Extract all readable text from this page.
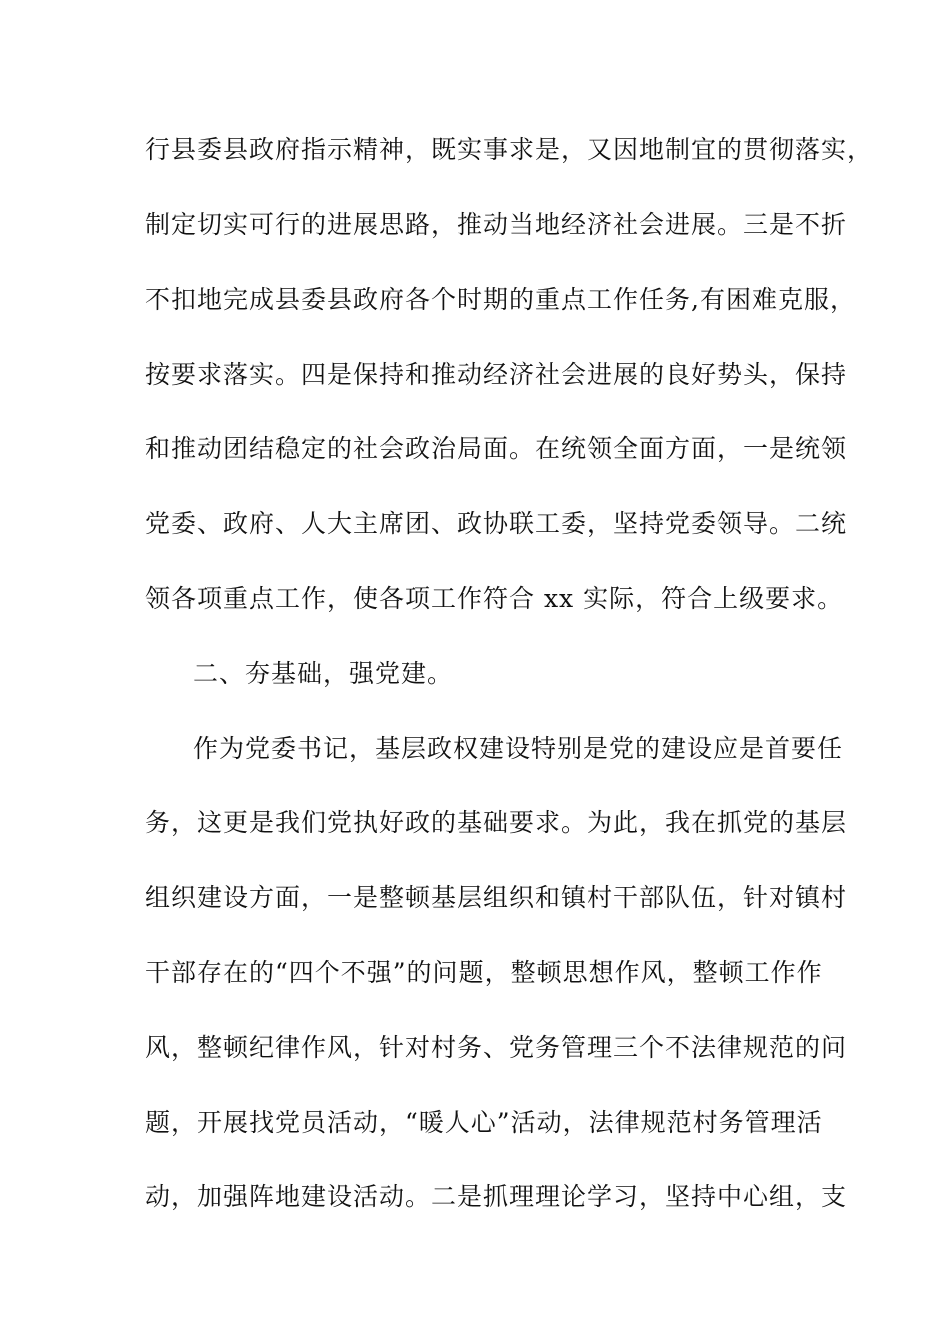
行县委县政府指示精神，既实事求是，又因地制宜的贯彻落实，
制定切实可行的进展思路，推动当地经济社会进展。三是不折
不扣地完成县委县政府各个时期的重点工作任务,有困难克服，
按要求落实。四是保持和推动经济社会进展的良好势头，保持
和推动团结稳定的社会政治局面。在统领全面方面，一是统领
党委、政府、人大主席团、政协联工委，坚持党委领导。二统
领各项重点工作，使各项工作符合 xx 实际，符合上级要求。
二、夯基础，强党建。
作为党委书记，基层政权建设特别是党的建设应是首要任
务，这更是我们党执好政的基础要求。为此，我在抓党的基层
组织建设方面，一是整顿基层组织和镇村干部队伍，针对镇村
干部存在的“四个不强”的问题，整顿思想作风，整顿工作作
风，整顿纪律作风，针对村务、党务管理三个不法律规范的问
题，开展找党员活动，“暖人心”活动，法律规范村务管理活
动，加强阵地建设活动。二是抓理理论学习，坚持中心组，支
